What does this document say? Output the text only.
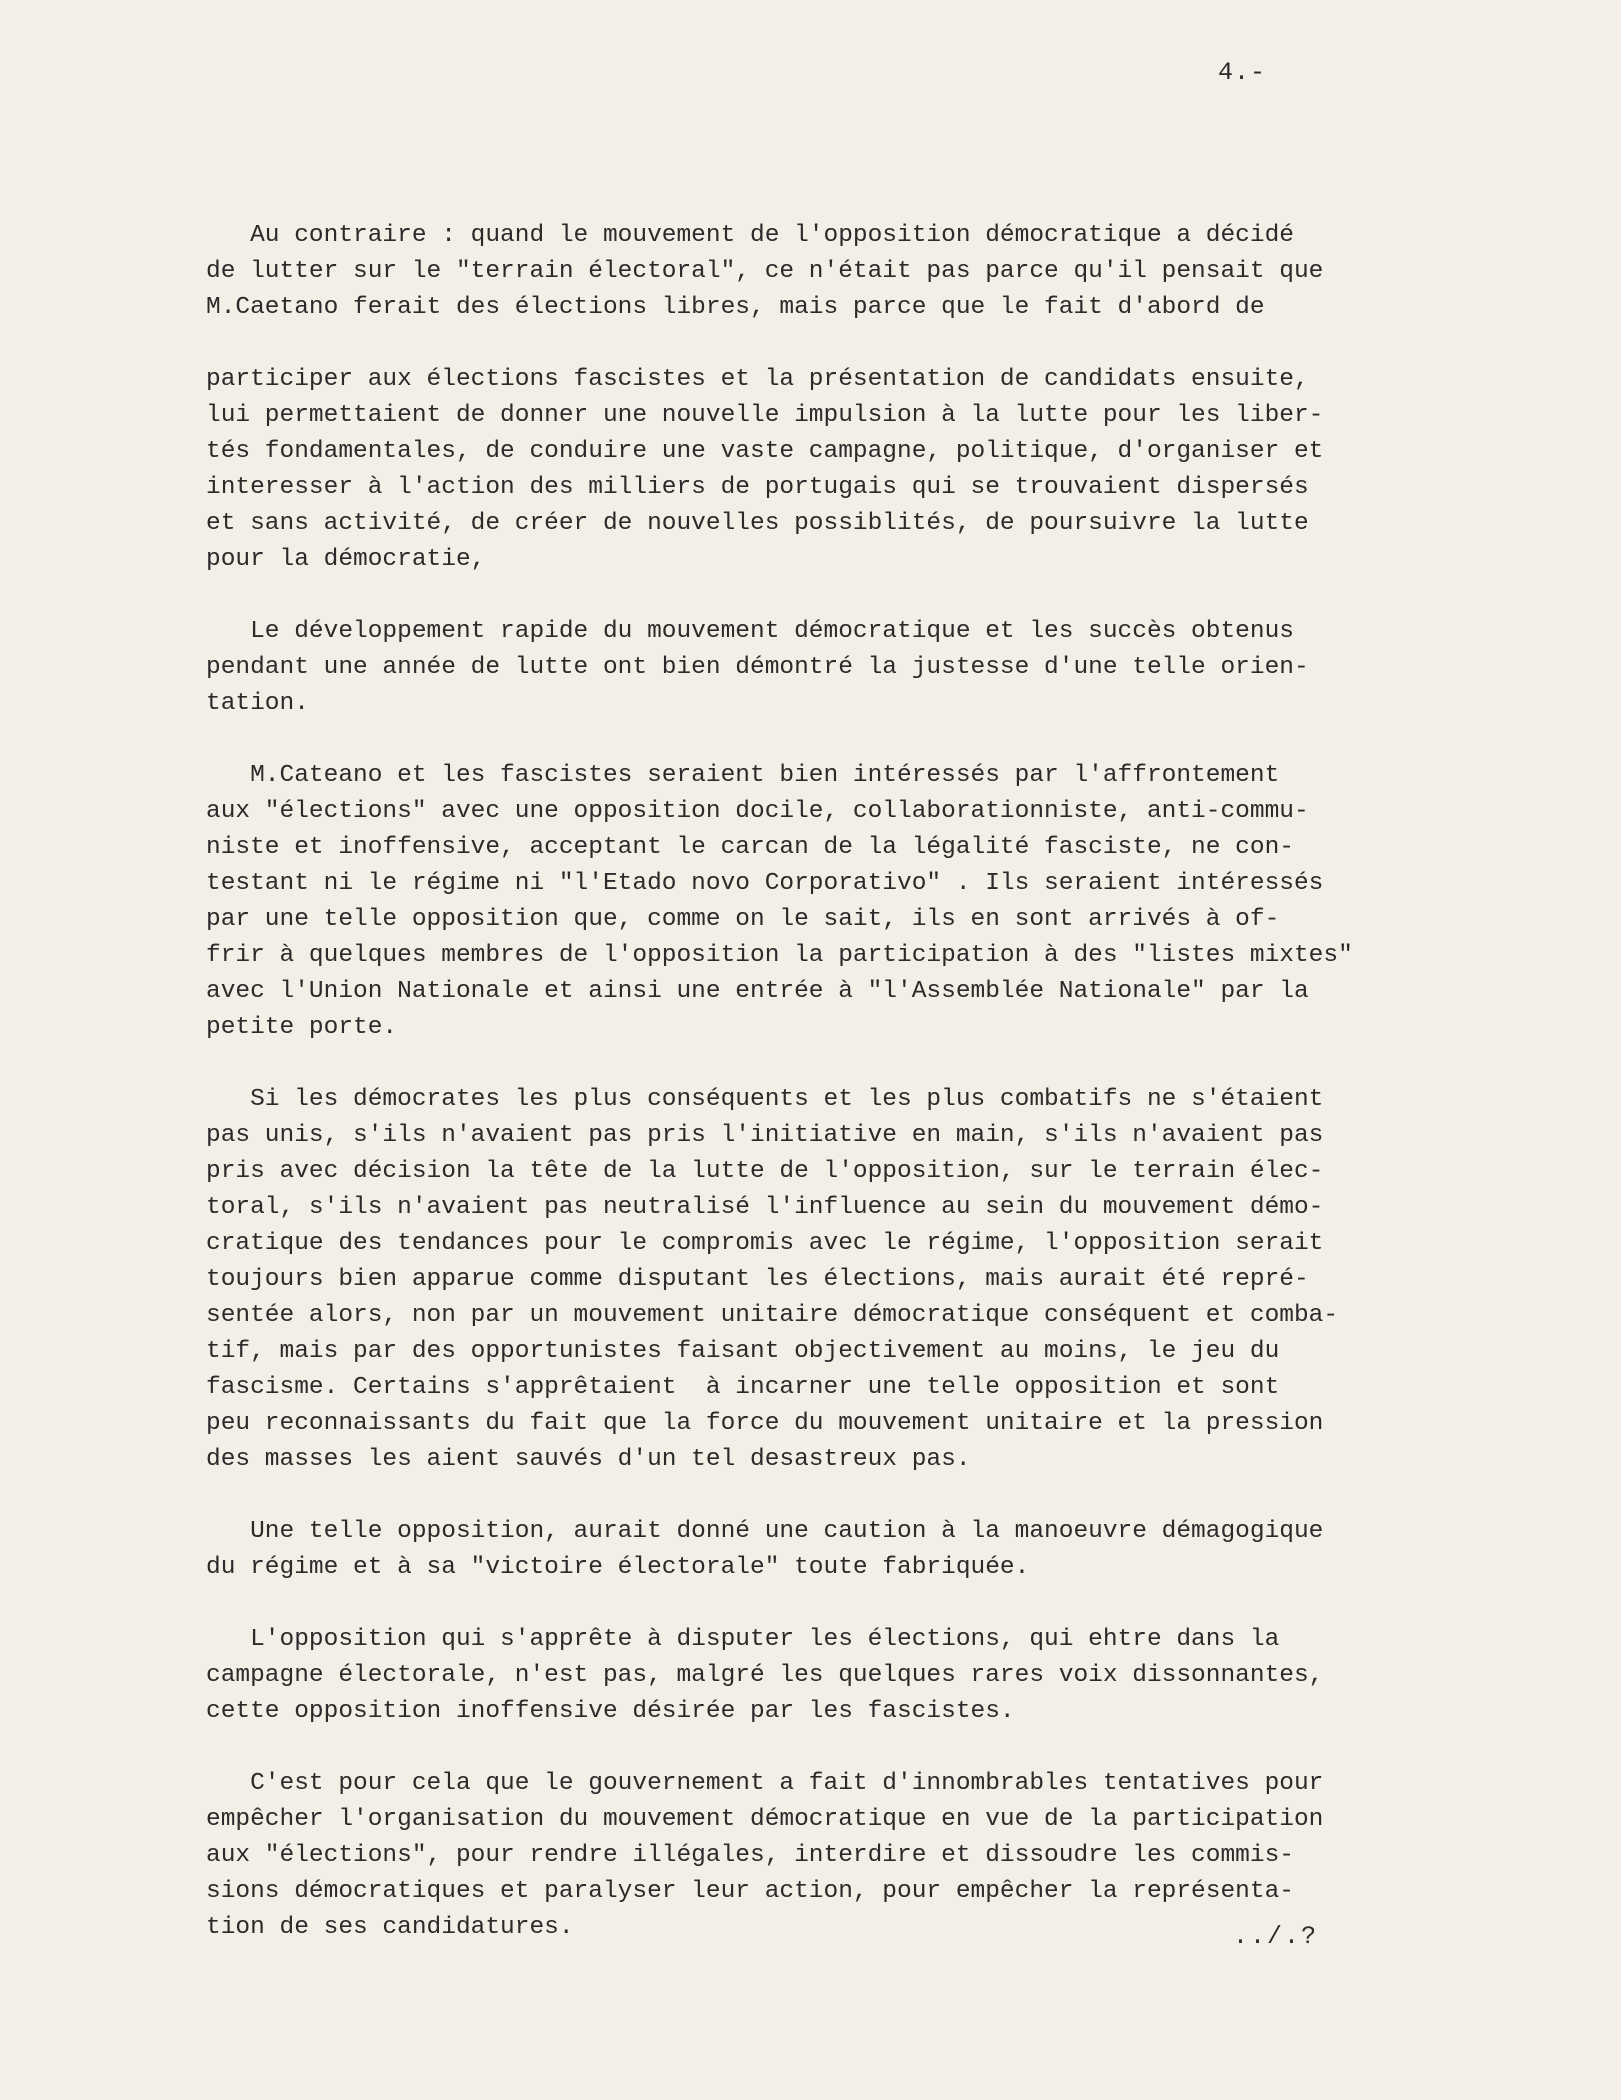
4.-
Au contraire : quand le mouvement de l'opposition démocratique a décidé
de lutter sur le "terrain électoral", ce n'était pas parce qu'il pensait que
M.Caetano ferait des élections libres, mais parce que le fait d'abord de

participer aux élections fascistes et la présentation de candidats ensuite,
lui permettaient de donner une nouvelle impulsion à la lutte pour les liber-
tés fondamentales, de conduire une vaste campagne, politique, d'organiser et
interesser à l'action des milliers de portugais qui se trouvaient dispersés
et sans activité, de créer de nouvelles possiblités, de poursuivre la lutte
pour la démocratie,
Le développement rapide du mouvement démocratique et les succès obtenus
pendant une année de lutte ont bien démontré la justesse d'une telle orien-
tation.
M.Cateano et les fascistes seraient bien intéressés par l'affrontement
aux "élections" avec une opposition docile, collaborationniste, anti-commu-
niste et inoffensive, acceptant le carcan de la légalité fasciste, ne con-
testant ni le régime ni "l'Etado novo Corporativo" . Ils seraient intéressés
par une telle opposition que, comme on le sait, ils en sont arrivés à of-
frir à quelques membres de l'opposition la participation à des "listes mixtes"
avec l'Union Nationale et ainsi une entrée à "l'Assemblée Nationale" par la
petite porte.
Si les démocrates les plus conséquents et les plus combatifs ne s'étaient
pas unis, s'ils n'avaient pas pris l'initiative en main, s'ils n'avaient pas
pris avec décision la tête de la lutte de l'opposition, sur le terrain élec-
toral, s'ils n'avaient pas neutralisé l'influence au sein du mouvement démo-
cratique des tendances pour le compromis avec le régime, l'opposition serait
toujours bien apparue comme disputant les élections, mais aurait été repré-
sentée alors, non par un mouvement unitaire démocratique conséquent et comba-
tif, mais par des opportunistes faisant objectivement au moins, le jeu du
fascisme. Certains s'apprêtaient  à incarner une telle opposition et sont
peu reconnaissants du fait que la force du mouvement unitaire et la pression
des masses les aient sauvés d'un tel desastreux pas.
Une telle opposition, aurait donné une caution à la manoeuvre démagogique
du régime et à sa "victoire électorale" toute fabriquée.
L'opposition qui s'apprête à disputer les élections, qui ehtre dans la
campagne électorale, n'est pas, malgré les quelques rares voix dissonnantes,
cette opposition inoffensive désirée par les fascistes.
C'est pour cela que le gouvernement a fait d'innombrables tentatives pour
empêcher l'organisation du mouvement démocratique en vue de la participation
aux "élections", pour rendre illégales, interdire et dissoudre les commis-
sions démocratiques et paralyser leur action, pour empêcher la représenta-
tion de ses candidatures.	../.?
